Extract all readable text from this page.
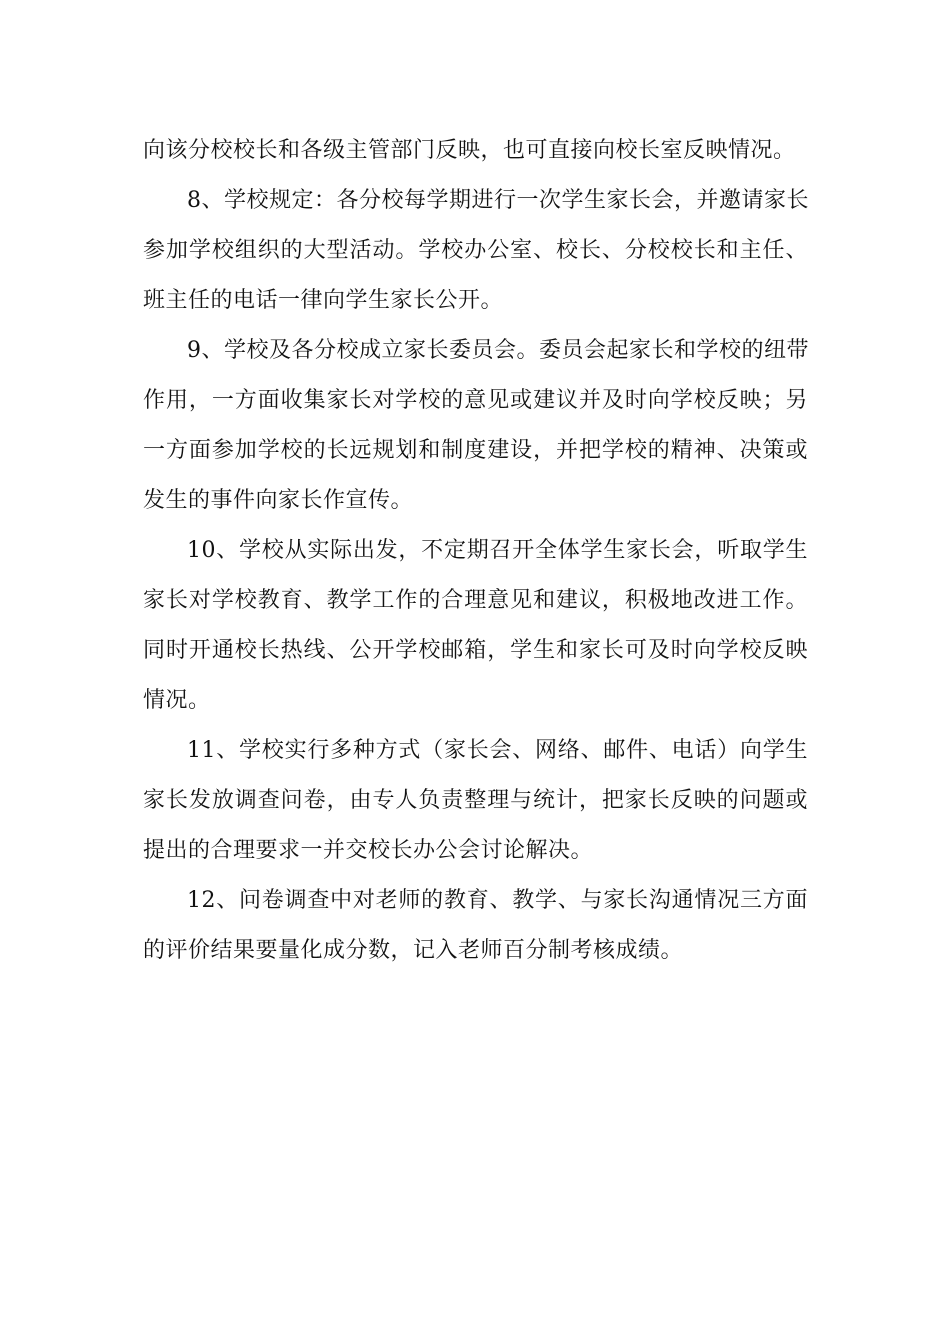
向该分校校长和各级主管部门反映，也可直接向校长室反映情况。
8、学校规定：各分校每学期进行一次学生家长会，并邀请家长
参加学校组织的大型活动。学校办公室、校长、分校校长和主任、
班主任的电话一律向学生家长公开。
9、学校及各分校成立家长委员会。委员会起家长和学校的纽带
作用，一方面收集家长对学校的意见或建议并及时向学校反映；另
一方面参加学校的长远规划和制度建设，并把学校的精神、决策或
发生的事件向家长作宣传。
10、学校从实际出发，不定期召开全体学生家长会，听取学生
家长对学校教育、教学工作的合理意见和建议，积极地改进工作。
同时开通校长热线、公开学校邮箱，学生和家长可及时向学校反映
情况。
11、学校实行多种方式（家长会、网络、邮件、电话）向学生
家长发放调查问卷，由专人负责整理与统计，把家长反映的问题或
提出的合理要求一并交校长办公会讨论解决。
12、问卷调查中对老师的教育、教学、与家长沟通情况三方面
的评价结果要量化成分数，记入老师百分制考核成绩。
